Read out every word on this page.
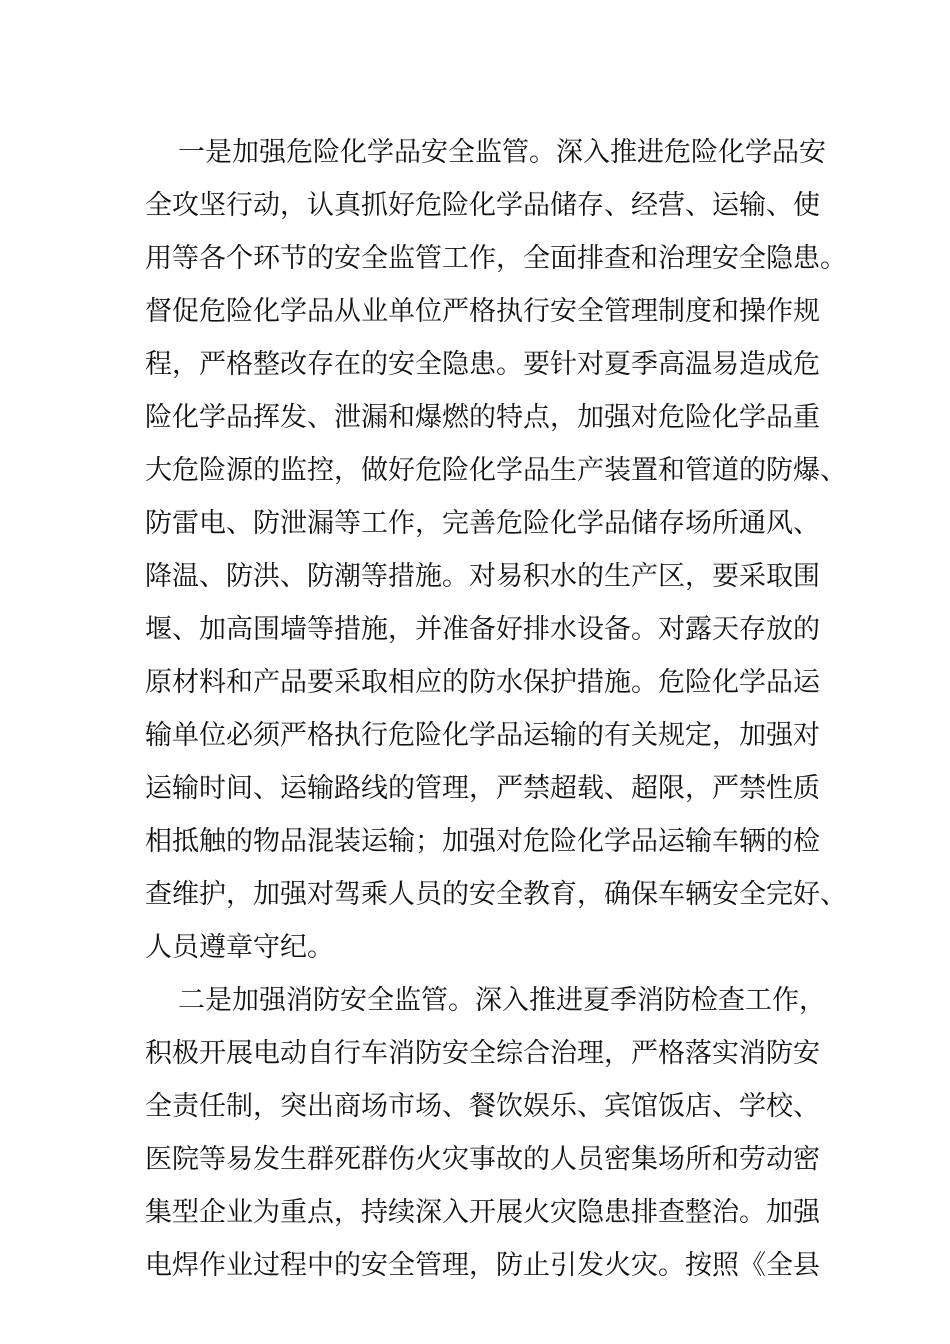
一是加强危险化学品安全监管。深入推进危险化学品安
全攻坚行动，认真抓好危险化学品储存、经营、运输、使
用等各个环节的安全监管工作，全面排查和治理安全隐患。
督促危险化学品从业单位严格执行安全管理制度和操作规
程，严格整改存在的安全隐患。要针对夏季高温易造成危
险化学品挥发、泄漏和爆燃的特点，加强对危险化学品重
大危险源的监控，做好危险化学品生产装置和管道的防爆、
防雷电、防泄漏等工作，完善危险化学品储存场所通风、
降温、防洪、防潮等措施。对易积水的生产区，要采取围
堰、加高围墙等措施，并准备好排水设备。对露天存放的
原材料和产品要采取相应的防水保护措施。危险化学品运
输单位必须严格执行危险化学品运输的有关规定，加强对
运输时间、运输路线的管理，严禁超载、超限，严禁性质
相抵触的物品混装运输；加强对危险化学品运输车辆的检
查维护，加强对驾乘人员的安全教育，确保车辆安全完好、
人员遵章守纪。
二是加强消防安全监管。深入推进夏季消防检查工作，
积极开展电动自行车消防安全综合治理，严格落实消防安
全责任制，突出商场市场、餐饮娱乐、宾馆饭店、学校、
医院等易发生群死群伤火灾事故的人员密集场所和劳动密
集型企业为重点，持续深入开展火灾隐患排查整治。加强
电焊作业过程中的安全管理，防止引发火灾。按照《全县
